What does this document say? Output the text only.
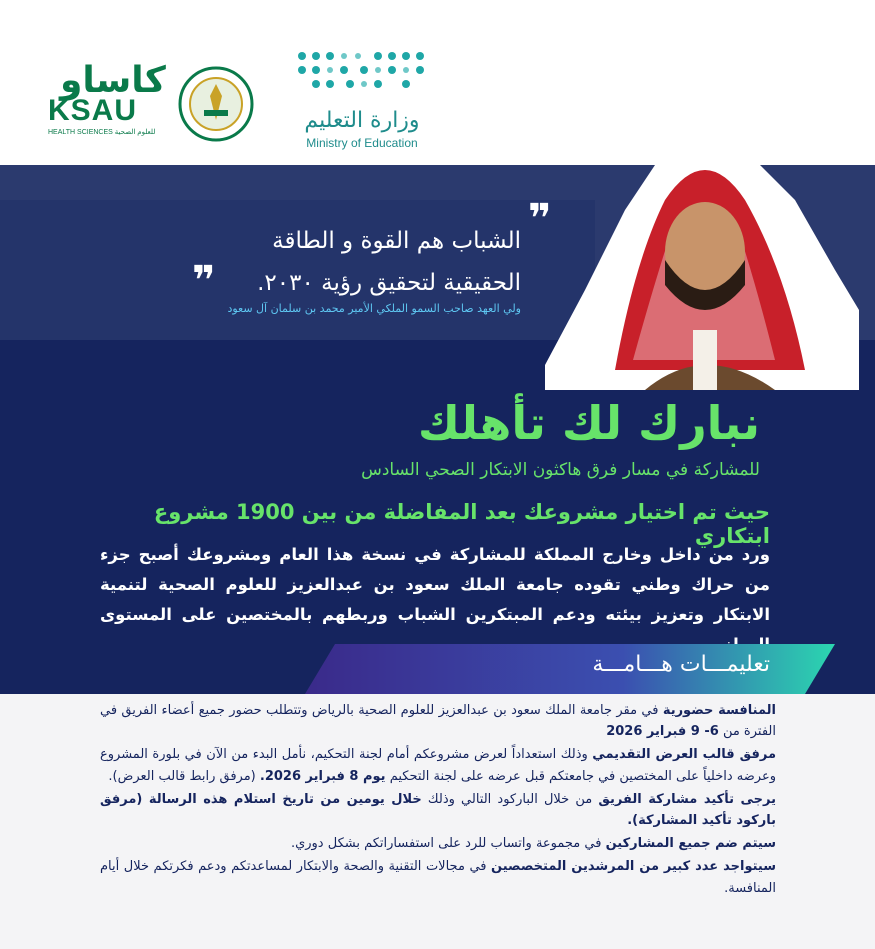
كاساو
KSAU
HEALTH SCIENCES للعلوم الصحية	وزارة التعليم
Ministry of Education
❞
الشباب هم القوة و الطاقة
الحقيقية لتحقيق رؤية ٢٠٣٠.
❞
ولي العهد صاحب السمو الملكي الأمير محمد بن سلمان آل سعود
نبارك لك تأهلك
للمشاركة في مسار فرق هاكثون الابتكار الصحي السادس
حيث تم اختيار مشروعك بعد المفاضلة من بين 1900 مشروع ابتكاري
ورد من داخل وخارج المملكة للمشاركة في نسخة هذا العام ومشروعك أصبح جزء من حراك وطني تقوده جامعة الملك سعود بن عبدالعزيز للعلوم الصحية لتنمية الابتكار وتعزيز بيئته ودعم المبتكرين الشباب وربطهم بالمختصين على المستوى
تعليمـــات هـــامـــة

المنافسة حضورية في مقر جامعة الملك سعود بن عبدالعزيز للعلوم الصحية بالرياض وتتطلب حضور جميع أعضاء الفريق في الفترة من 6- 9 فبراير 2026

مرفق قالب العرض التقديمي وذلك استعداداً لعرض مشروعكم أمام لجنة التحكيم، نأمل البدء من الآن في بلورة المشروع وعرضه داخلياً على المختصين في جامعتكم قبل عرضه على لجنة التحكيم يوم 8 فبراير 2026. (مرفق رابط قالب العرض).

يرجى تأكيد مشاركة الفريق من خلال الباركود التالي وذلك خلال يومين من تاريخ استلام هذه الرسالة (مرفق باركود تأكيد المشاركة).

سيتم ضم جميع المشاركين في مجموعة واتساب للرد على استفساراتكم بشكل دوري.

سيتواجد عدد كبير من المرشدين المتخصصين في مجالات التقنية والصحة والابتكار لمساعدتكم ودعم فكرتكم خلال أيام المنافسة.
